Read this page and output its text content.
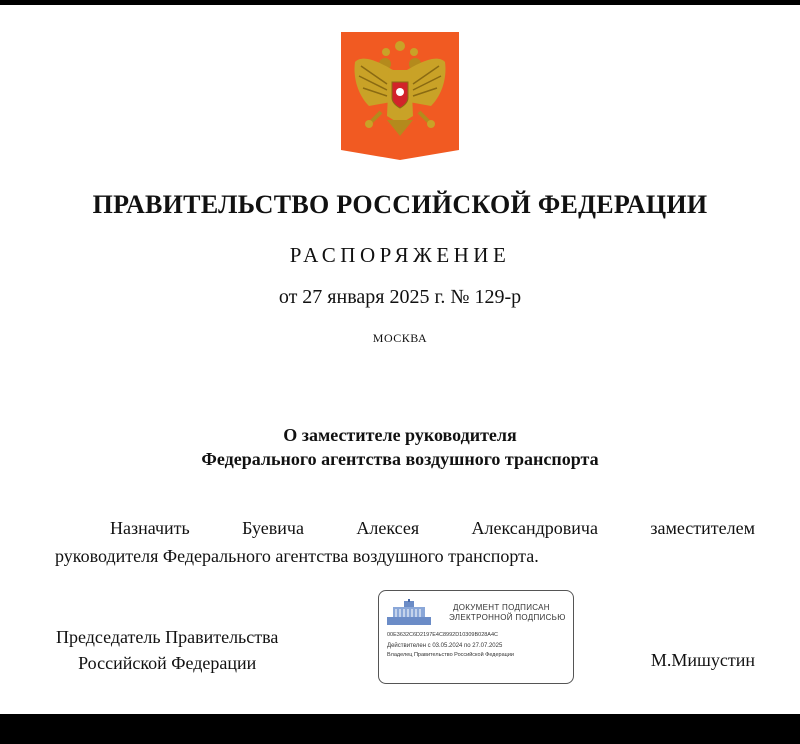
ПРАВИТЕЛЬСТВО РОССИЙСКОЙ ФЕДЕРАЦИИ
РАСПОРЯЖЕНИЕ
от 27 января 2025 г. № 129-р
МОСКВА
О заместителе руководителя
Федерального агентства воздушного транспорта
Назначить	Буевича	Алексея	Александровича	заместителем
руководителя Федерального агентства воздушного транспорта.
Председатель Правительства
Российской Федерации
ДОКУМЕНТ ПОДПИСАН
ЭЛЕКТРОННОЙ ПОДПИСЬЮ
00E3632C6D2197E4C8992D10309B028A4C
Действителен с 03.05.2024 по 27.07.2025
Владелец Правительство Российской Федерации	М.Мишустин
